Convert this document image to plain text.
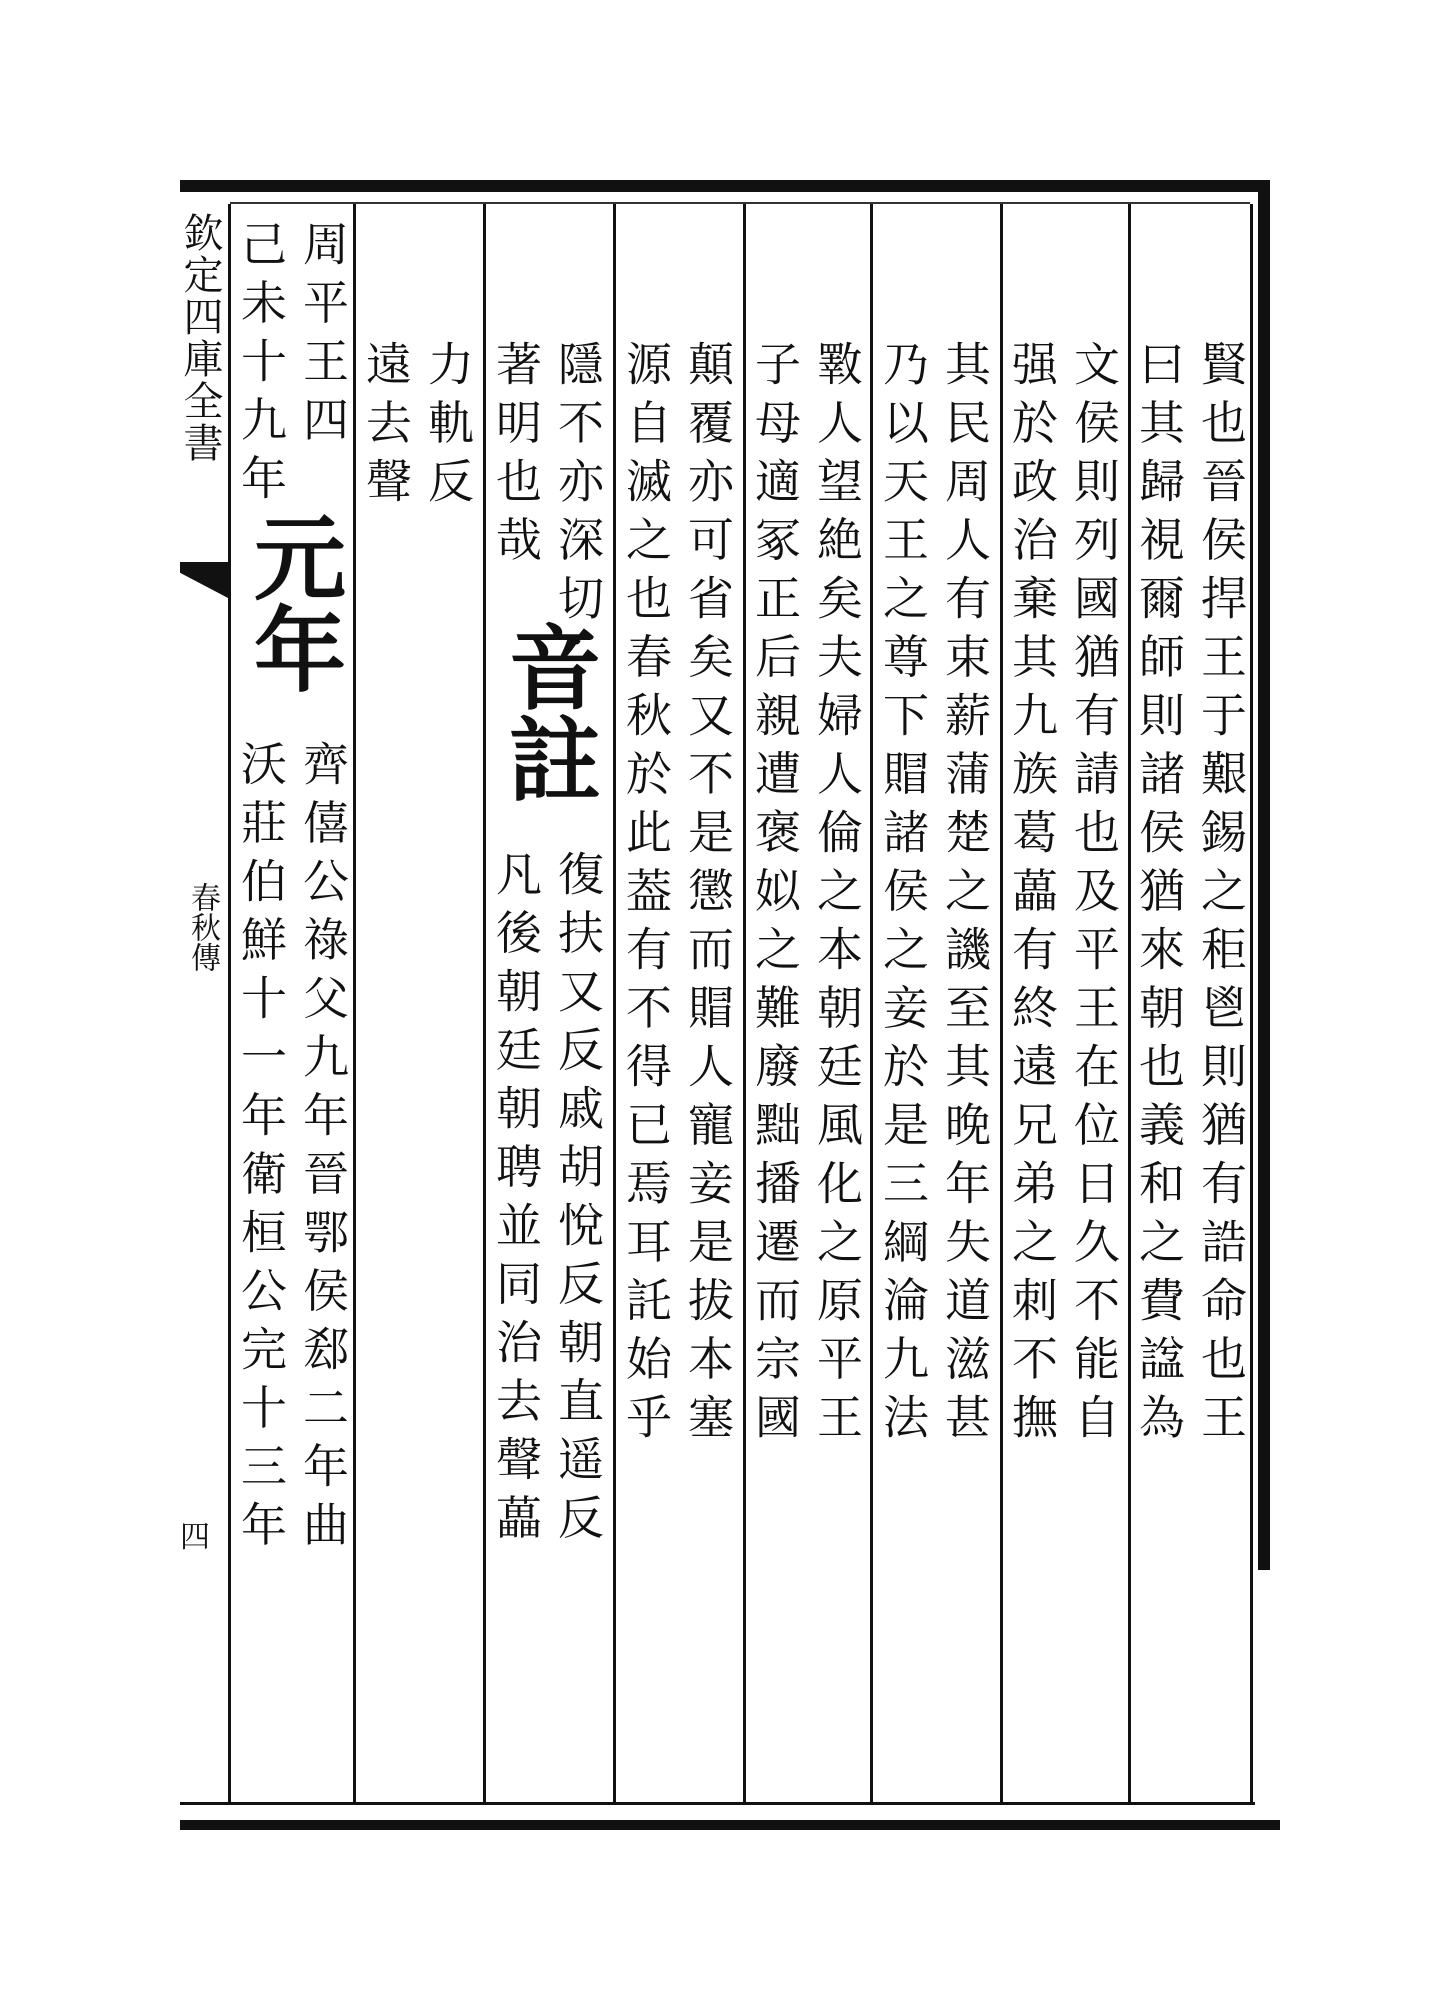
欽定四庫全書
春秋傳
四
賢也晉侯捍王于艱錫之秬鬯則猶有誥命也王
曰其歸視爾師則諸侯猶來朝也義和之費諡為
文侯則列國猶有請也及平王在位日久不能自
强於政治棄其九族葛藟有終遠兄弟之刺不撫
其民周人有束薪蒲楚之譏至其晚年失道滋甚
乃以天王之尊下賵諸侯之妾於是三綱淪九法
斁人望絶矣夫婦人倫之本朝廷風化之原平王
子母適冢正后親遭褒姒之難廢黜播遷而宗國
顛覆亦可省矣又不是懲而賵人寵妾是拔本塞
源自滅之也春秋於此葢有不得已焉耳託始乎
隱不亦深切
著明也哉
音註
復扶又反戚胡悅反朝直遥反
凡後朝廷朝聘並同治去聲藟
力軌反
遠去聲
周平王四
己未十九年
元年
齊僖公祿父九年晉鄂侯郄二年曲
沃莊伯鮮十一年衛桓公完十三年
